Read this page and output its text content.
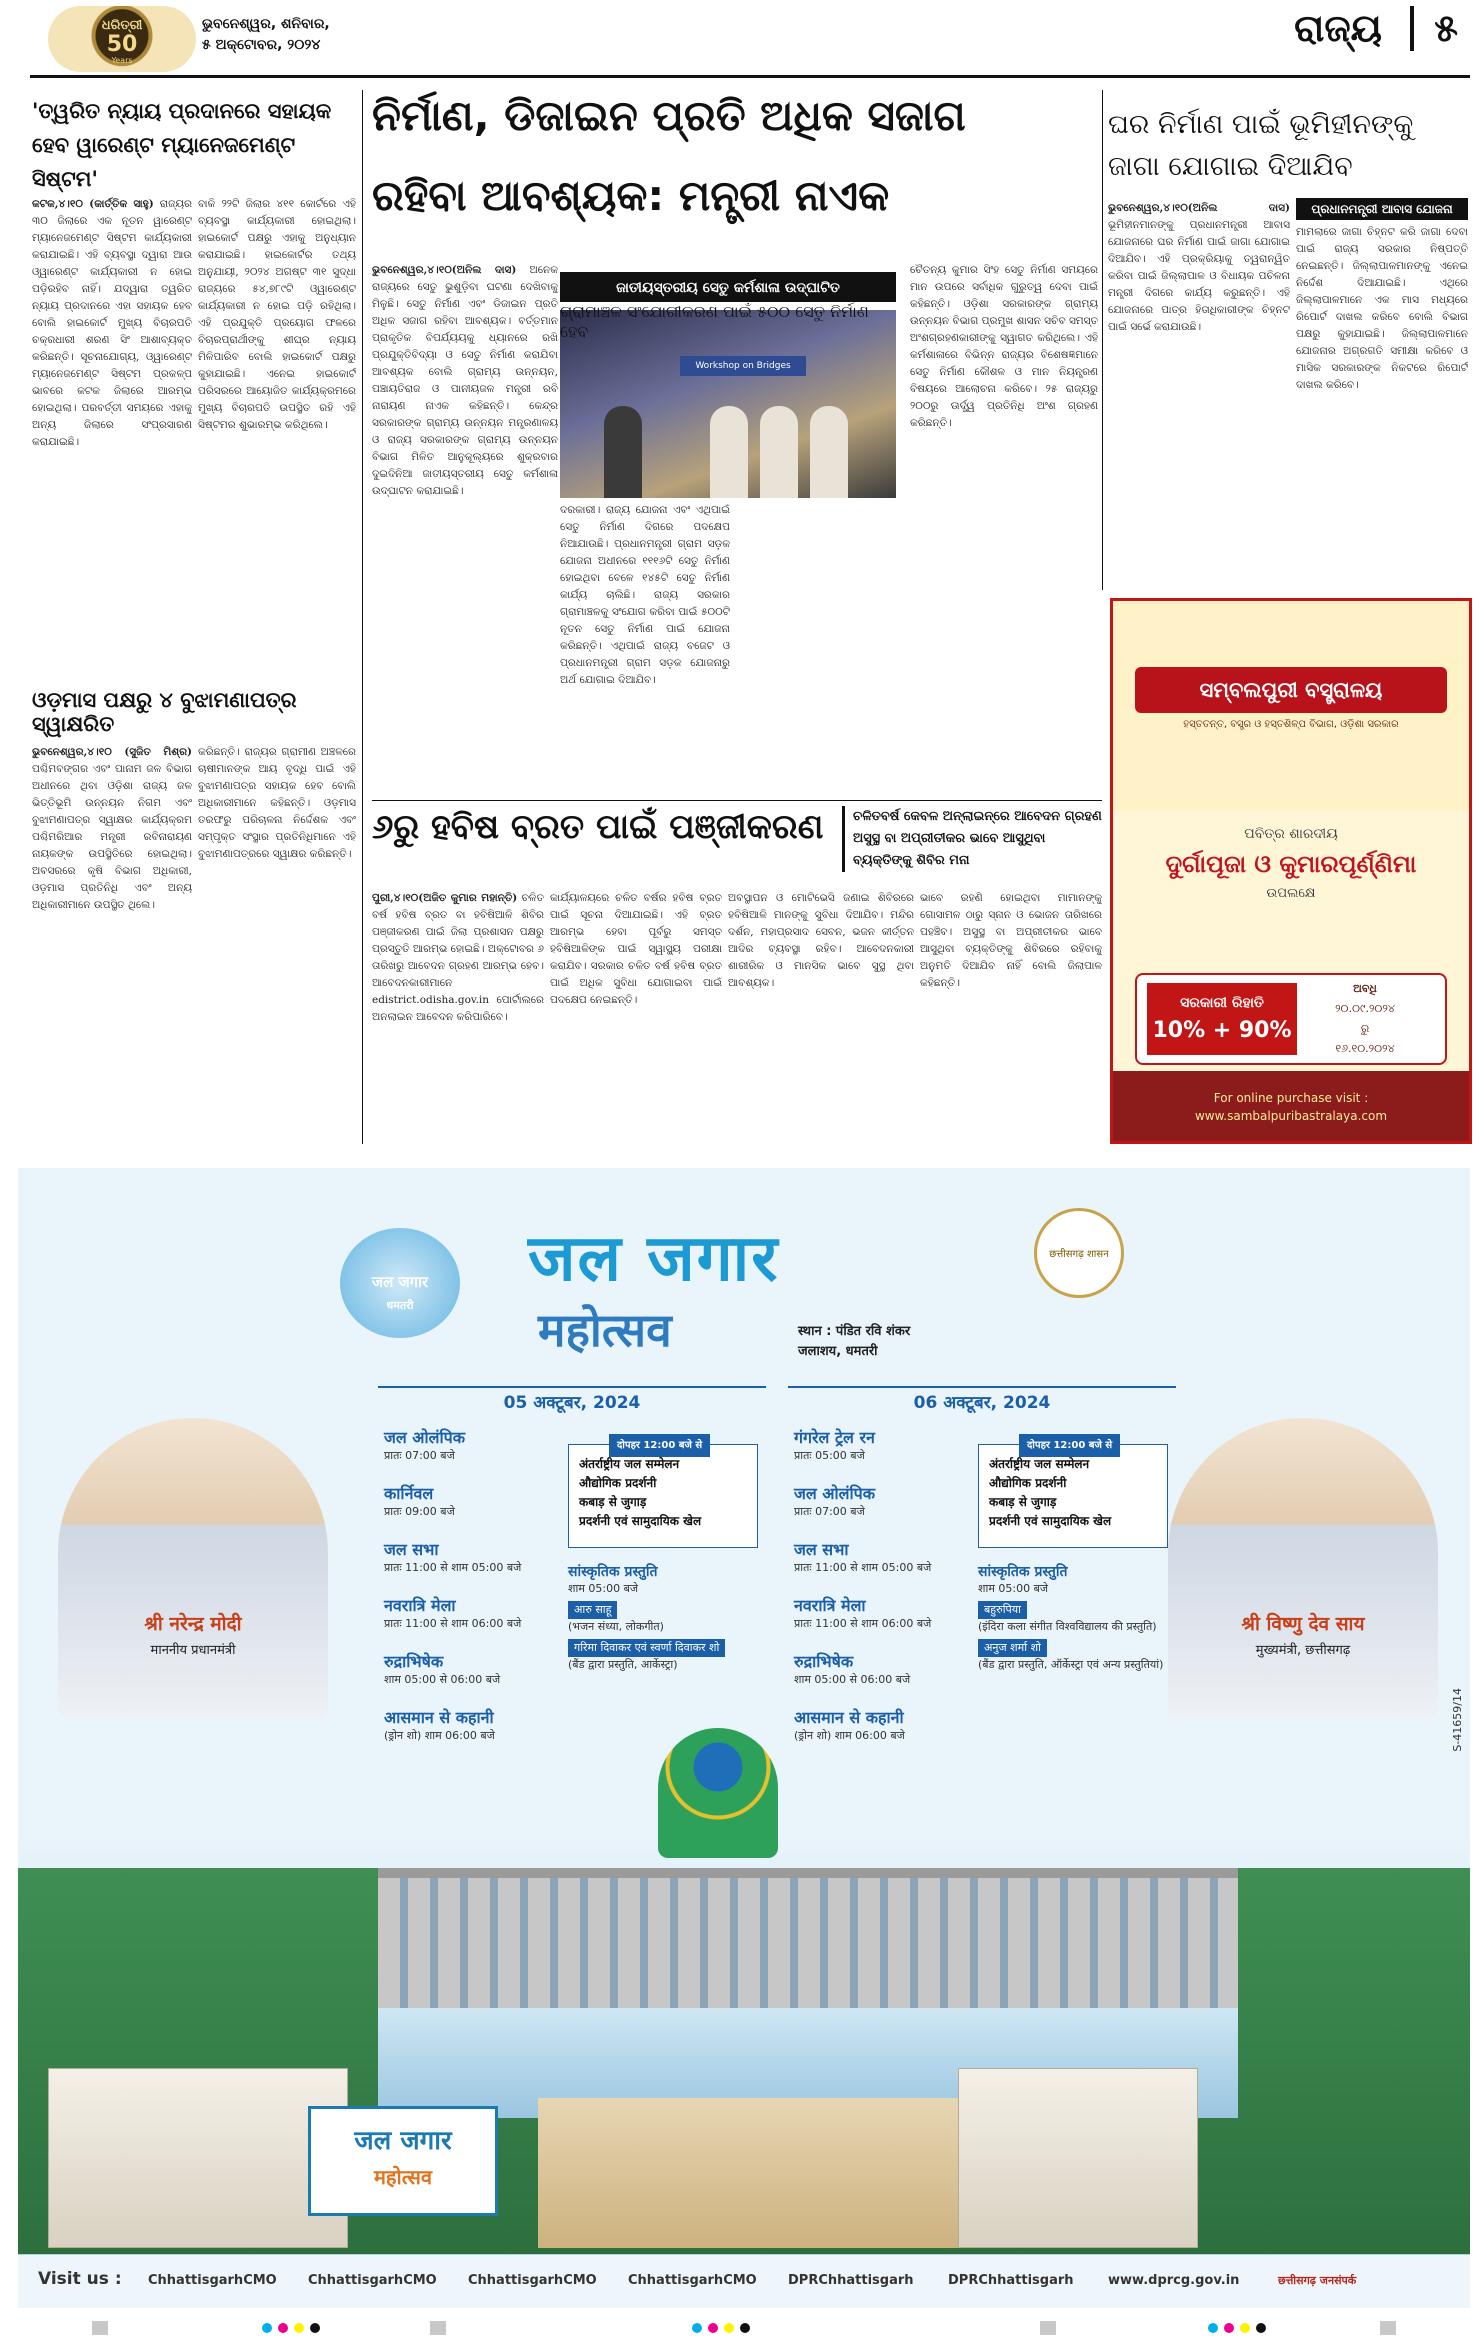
ଧରିତ୍ରୀ
50
Years
ଭୁବନେଶ୍ୱର, ଶନିବାର,
୫ ଅକ୍ଟୋବର, ୨୦୨୪	ରାଜ୍ୟ	୫
'ତ୍ୱରିତ ନ୍ୟାୟ ପ୍ରଦାନରେ ସହାୟକ ହେବ ୱାରେଣ୍ଟ ମ୍ୟାନେଜମେଣ୍ଟ ସିଷ୍ଟମ'
କଟକ,୪।୧୦ (କାର୍ତ୍ତିକ ସାହୁ) ରାଜ୍ୟର ୩୦ ଜିଲାରେ ଏକ ନୂତନ ୱାରେଣ୍ଟ ମ୍ୟାନେଜମେଣ୍ଟ ସିଷ୍ଟମ କାର୍ଯ୍ୟକାରୀ କରାଯାଇଛି। ଏହି ବ୍ୟବସ୍ଥା ଦ୍ୱାରା ଆଉ ଓ୍ୱାରେଣ୍ଟ କାର୍ଯ୍ୟକାରୀ ନ ହୋଇ ପଡ଼ିରହିବ ନାହିଁ। ଯଦ୍ୱାରା ତ୍ୱରିତ ନ୍ୟାୟ ପ୍ରଦାନରେ ଏହା ସହାୟକ ହେବ ବୋଲି ହାଇକୋର୍ଟ ମୁଖ୍ୟ ବିଚାରପତି ଚକ୍ରଧାରୀ ଶରଣ ସିଂ ଆଶାବ୍ୟକ୍ତ କରିଛନ୍ତି। ସୂଚନାଯୋଗ୍ୟ, ଓ୍ୱାରେଣ୍ଟ ମ୍ୟାନେଜମେଣ୍ଟ ସିଷ୍ଟମ ପ୍ରକଳ୍ପ ଭାବରେ କଟକ ଜିଲାରେ ଆରମ୍ଭ ହୋଇଥିଲା। ପରବର୍ତ୍ତୀ ସମୟରେ ଏହାକୁ ଅନ୍ୟ ଜିଲାରେ ସଂପ୍ରସାରଣ କରାଯାଇଛି।
ବାକି ୨୨ଟି ଜିଲାର ୪୧୧ କୋର୍ଟରେ ଏହି ବ୍ୟବସ୍ଥା କାର୍ଯ୍ୟକାରୀ ହୋଇଥିଲା। ହାଇକୋର୍ଟ ପକ୍ଷରୁ ଏହାକୁ ଅନୁଧ୍ୟାନ କରାଯାଇଛି। ହାଇକୋର୍ଟର ତଥ୍ୟ ଅନୁଯାୟୀ, ୨୦୨୪ ଅଗଷ୍ଟ ୩୧ ସୁଦ୍ଧା ରାଜ୍ୟରେ ୫୪,୭୮୯ଟି ଓ୍ୱାରେଣ୍ଟ କାର୍ଯ୍ୟକାରୀ ନ ହୋଇ ପଡ଼ି ରହିଥିଲା। ଏହି ପ୍ରଯୁକ୍ତି ପ୍ରୟୋଗ ଫଳରେ ବିଚାରପ୍ରାର୍ଥୀଙ୍କୁ ଶୀଘ୍ର ନ୍ୟାୟ ମିଳିପାରିବ ବୋଲି ହାଇକୋର୍ଟ ପକ୍ଷରୁ କୁହାଯାଇଛି। ଏନେଇ ହାଇକୋର୍ଟ ପରିସରରେ ଆୟୋଜିତ କାର୍ଯ୍ୟକ୍ରମରେ ମୁଖ୍ୟ ବିଚାରପତି ଉପସ୍ଥିତ ରହି ଏହି ସିଷ୍ଟମର ଶୁଭାରମ୍ଭ କରିଥିଲେ।
ଓଡ଼ମାସ ପକ୍ଷରୁ ୪ ବୁଝାମଣାପତ୍ର ସ୍ୱାକ୍ଷରିତ
ଭୁବନେଶ୍ୱର,୪।୧୦ (ସୁଜିତ ମିଶ୍ର) ପଶ୍ଚିମବଙ୍ଗର ଏବଂ ପାନାମ ଜଳ ବିଭାଗ ଅଧୀନରେ ଥିବା ଓଡ଼ିଶା ରାଜ୍ୟ ଜଳ ଭିତ୍ତିଭୂମି ଉନ୍ନୟନ ନିଗମ ଏବଂ ବୁଝାମଣାପତ୍ର ସ୍ୱାକ୍ଷର କାର୍ଯ୍ୟକ୍ରମ ପଶ୍ଚିମରିଆର ମନ୍ତ୍ରୀ ରବିନାରାୟଣ ନାୟକଙ୍କ ଉପସ୍ଥିତିରେ ହୋଇଥିଲା। ଅବସରରେ କୃଷି ବିଭାଗ ଅଧିକାରୀ, ଓଡ଼ମାସ ପ୍ରତିନିଧି ଏବଂ ଅନ୍ୟ ଅଧିକାରୀମାନେ ଉପସ୍ଥିତ ଥିଲେ।
କରିଛନ୍ତି। ରାଜ୍ୟର ଗ୍ରାମୀଣ ଅଞ୍ଚଳରେ ଚାଷୀମାନଙ୍କ ଆୟ ବୃଦ୍ଧି ପାଇଁ ଏହି ବୁଝାମଣାପତ୍ର ସହାୟକ ହେବ ବୋଲି ଅଧିକାରୀମାନେ କହିଛନ୍ତି। ଓଡ଼ମାସ ତରଫରୁ ପରିଚାଳନା ନିର୍ଦ୍ଦେଶକ ଏବଂ ସମ୍ପୃକ୍ତ ସଂସ୍ଥାର ପ୍ରତିନିଧିମାନେ ଏହି ବୁଝାମଣାପତ୍ରରେ ସ୍ୱାକ୍ଷର କରିଛନ୍ତି।
ନିର୍ମାଣ, ଡିଜାଇନ ପ୍ରତି ଅଧିକ ସଜାଗ
ରହିବା ଆବଶ୍ୟକ: ମନ୍ତ୍ରୀ ନାଏକ
ଭୁବନେଶ୍ୱର,୪।୧୦(ଅନିଲ ଦାସ) ଅନେକ ରାଜ୍ୟରେ ସେତୁ ଭୁଶୁଡ଼ିବା ଘଟଣା ଦେଖିବାକୁ ମିଳୁଛି। ସେତୁ ନିର୍ମାଣ ଏବଂ ଡିଜାଇନ ପ୍ରତି ଅଧିକ ସଜାଗ ରହିବା ଆବଶ୍ୟକ। ବର୍ତ୍ତମାନ ପ୍ରାକୃତିକ ବିପର୍ଯ୍ୟୟକୁ ଧ୍ୟାନରେ ରଖି ପ୍ରଯୁକ୍ତିବିଦ୍ୟା ଓ ସେତୁ ନିର୍ମାଣ କରାଯିବା ଆବଶ୍ୟକ ବୋଲି ଗ୍ରାମ୍ୟ ଉନ୍ନୟନ, ପଞ୍ଚାୟତିରାଜ ଓ ପାନୀୟଜଳ ମନ୍ତ୍ରୀ ରବି ନାରାୟଣ ନାଏକ କହିଛନ୍ତି। କେନ୍ଦ୍ର ସରକାରଙ୍କ ଗ୍ରାମ୍ୟ ଉନ୍ନୟନ ମନ୍ତ୍ରଣାଳୟ ଓ ରାଜ୍ୟ ସରକାରଙ୍କ ଗ୍ରାମ୍ୟ ଉନ୍ନୟନ ବିଭାଗ ମିଳିତ ଆନୁକୂଲ୍ୟରେ ଶୁକ୍ରବାର ଦୁଇଦିନିଆ ଜାତୀୟସ୍ତରୀୟ ସେତୁ କର୍ମଶାଳା ଉଦ୍‌ଘାଟନ କରାଯାଇଛି।
Workshop on Bridges
ଜାତୀୟସ୍ତରୀୟ ସେତୁ କର୍ମଶାଳା ଉଦ୍‌ଘାଟିତ
ଦରକାରୀ। ରାଜ୍ୟ ଯୋଜନା ଏବଂ ଏଥିପାଇଁ ସେତୁ ନିର୍ମାଣ ଦିଗରେ ପଦକ୍ଷେପ ନିଆଯାଉଛି। ପ୍ରଧାନମନ୍ତ୍ରୀ ଗ୍ରାମ ସଡ଼କ ଯୋଜନା ଅଧୀନରେ ୧୧୧୬ଟି ସେତୁ ନିର୍ମାଣ ହୋଇଥିବା ବେଳେ ୧୪୫ଟି ସେତୁ ନିର୍ମାଣ କାର୍ଯ୍ୟ ଚାଲିଛି। ରାଜ୍ୟ ସରକାର ଗ୍ରାମାଞ୍ଚଳକୁ ସଂଯୋଗ କରିବା ପାଇଁ ୫୦୦ଟି ନୂତନ ସେତୁ ନିର୍ମାଣ ପାଇଁ ଯୋଜନା କରିଛନ୍ତି। ଏଥିପାଇଁ ରାଜ୍ୟ ବଜେଟ ଓ ପ୍ରଧାନମନ୍ତ୍ରୀ ଗ୍ରାମ ସଡ଼କ ଯୋଜନାରୁ ଅର୍ଥ ଯୋଗାଇ ଦିଆଯିବ।
ଚୈତନ୍ୟ କୁମାର ସିଂହ ସେତୁ ନିର୍ମାଣ ସମୟରେ ମାନ ଉପରେ ସର୍ବାଧିକ ଗୁରୁତ୍ୱ ଦେବା ପାଇଁ କହିଛନ୍ତି। ଓଡ଼ିଶା ସରକାରଙ୍କ ଗ୍ରାମ୍ୟ ଉନ୍ନୟନ ବିଭାଗ ପ୍ରମୁଖ ଶାସନ ସଚିବ ସମସ୍ତ ଅଂଶଗ୍ରହଣକାରୀଙ୍କୁ ସ୍ୱାଗତ କରିଥିଲେ। ଏହି କର୍ମଶାଳାରେ ବିଭିନ୍ନ ରାଜ୍ୟର ବିଶେଷଜ୍ଞମାନେ ସେତୁ ନିର୍ମାଣ କୌଶଳ ଓ ମାନ ନିୟନ୍ତ୍ରଣ ବିଷୟରେ ଆଲୋଚନା କରିବେ। ୨୫ ରାଜ୍ୟରୁ ୨୦୦ରୁ ଊର୍ଦ୍ଧ୍ୱ ପ୍ରତିନିଧି ଅଂଶ ଗ୍ରହଣ କରିଛନ୍ତି।
ଘର ନିର୍ମାଣ ପାଇଁ ଭୂମିହୀନଙ୍କୁ ଜାଗା ଯୋଗାଇ ଦିଆଯିବ
ପ୍ରଧାନମନ୍ତ୍ରୀ ଆବାସ ଯୋଜନା
ଭୁବନେଶ୍ୱର,୪।୧୦(ଅନିଲ ଦାସ) ଭୂମିହୀନମାନଙ୍କୁ ପ୍ରଧାନମନ୍ତ୍ରୀ ଆବାସ ଯୋଜନାରେ ଘର ନିର୍ମାଣ ପାଇଁ ଜାଗା ଯୋଗାଇ ଦିଆଯିବ। ଏହି ପ୍ରକ୍ରିୟାକୁ ତ୍ୱରାନ୍ୱିତ କରିବା ପାଇଁ ଜିଲ୍ଲାପାଳ ଓ ବିଧାୟକ ପଚିଳନା ମନ୍ତ୍ରୀ ଦିଗରେ କାର୍ଯ୍ୟ କରୁଛନ୍ତି। ଏହି ଯୋଜନାରେ ପାତ୍ର ହିତାଧିକାରୀଙ୍କ ଚିହ୍ନଟ ପାଇଁ ସର୍ଭେ କରାଯାଉଛି।
ମାମଲାରେ ଜାଗା ଚିହ୍ନଟ କରି ଜାଗା ଦେବା ପାଇଁ ରାଜ୍ୟ ସରକାର ନିଷ୍ପତ୍ତି ନେଇଛନ୍ତି। ଜିଲ୍ଲାପାଳମାନଙ୍କୁ ଏନେଇ ନିର୍ଦ୍ଦେଶ ଦିଆଯାଇଛି। ଏଥିରେ ଜିଲ୍ଲାପାଳମାନେ ଏକ ମାସ ମଧ୍ୟରେ ରିପୋର୍ଟ ଦାଖଲ କରିବେ ବୋଲି ବିଭାଗ ପକ୍ଷରୁ କୁହାଯାଇଛି। ଜିଲ୍ଲାପାଳମାନେ ଯୋଜନାର ଅଗ୍ରଗତି ସମୀକ୍ଷା କରିବେ ଓ ମାସିକ ସରକାରଙ୍କ ନିକଟରେ ରିପୋର୍ଟ ଦାଖଲ କରିବେ।
ସମ୍ବଲପୁରୀ ବସ୍ତ୍ରାଳୟ
ହସ୍ତତନ୍ତ, ବସ୍ତ୍ର ଓ ହସ୍ତଶିଳ୍ପ ବିଭାଗ, ଓଡ଼ିଶା ସରକାର
ପବିତ୍ର ଶାରଦୀୟ
ଦୁର୍ଗାପୂଜା ଓ କୁମାରପୂର୍ଣ୍ଣିମା
ଉପଲକ୍ଷେ
ସରକାରୀ ରିହାତି
10% + 90%
ଅବଧି
୨୦.୦୯.୨୦୨୪
ରୁ
୧୬.୧୦.୨୦୨୪
For online purchase visit :
www.sambalpuribastralaya.com
୬ରୁ ହବିଷ ବ୍ରତ ପାଇଁ ପଞ୍ଜୀକରଣ	ଚଳିତବର୍ଷ କେବଳ ଅନ୍‌ଲାଇନ୍‌ରେ ଆବେଦନ ଗ୍ରହଣ
ଅସୁସ୍ଥ ବା ଅପ୍ରୀତୀକର ଭାବେ ଆସୁଥିବା ବ୍ୟକ୍ତିଙ୍କୁ ଶିବିର ମନା
ପୁରୀ,୪।୧୦(ଅଜିତ କୁମାର ମହାନ୍ତି) ଚଳିତ ବର୍ଷ ହବିଷ ବ୍ରତ ବା ହବିଷିଆଳି ଶିବିର ପଞ୍ଜୀକରଣ ପାଇଁ ଜିଲା ପ୍ରଶାସନ ପକ୍ଷରୁ ପ୍ରସ୍ତୁତି ଆରମ୍ଭ ହୋଇଛି। ଅକ୍ଟୋବର ୬ ତାରିଖରୁ ଆବେଦନ ଗ୍ରହଣ ଆରମ୍ଭ ହେବ। ଆବେଦନକାରୀମାନେ edistrict.odisha.gov.in ପୋର୍ଟାଲରେ ଅନଲାଇନ ଆବେଦନ କରିପାରିବେ।
କାର୍ଯ୍ୟାଳୟରେ ଚଳିତ ବର୍ଷର ହବିଷ ବ୍ରତ ପାଇଁ ସୂଚନା ଦିଆଯାଇଛି। ଏହି ବ୍ରତ ଆରମ୍ଭ ହେବା ପୂର୍ବରୁ ସମସ୍ତ ହବିଷିଆଳିଙ୍କ ପାଇଁ ସ୍ୱାସ୍ଥ୍ୟ ପରୀକ୍ଷା କରାଯିବ। ସରକାର ଚଳିତ ବର୍ଷ ହବିଷ ବ୍ରତ ପାଇଁ ଅଧିକ ସୁବିଧା ଯୋଗାଇବା ପାଇଁ ପଦକ୍ଷେପ ନେଇଛନ୍ତି।
ଅବସ୍ଥାପନ ଓ ମୋଟିଭେସି ଜଣାଇ ଶିବିରରେ ହବିଷିଆଳି ମାନଙ୍କୁ ସୁବିଧା ଦିଆଯିବ। ମନ୍ଦିର ଦର୍ଶନ, ମହାପ୍ରସାଦ ସେବନ, ଭଜନ କୀର୍ତ୍ତନ ଆଦିର ବ୍ୟବସ୍ଥା ରହିବ। ଆବେଦନକାରୀ ଶାରୀରିକ ଓ ମାନସିକ ଭାବେ ସୁସ୍ଥ ଥିବା ଆବଶ୍ୟକ।
ଭାବେ ରହଣି ହୋଇଥିବା ମାମାନଙ୍କୁ ଗୋସାମଳ ଠାରୁ ସ୍ନାନ ଓ ଭୋଜନ ତାରିଖରେ ପହଞ୍ଚିବ। ଅସୁସ୍ଥ ବା ଅପ୍ରୀତୀକର ଭାବେ ଆସୁଥିବା ବ୍ୟକ୍ତିଙ୍କୁ ଶିବିରରେ ରହିବାକୁ ଅନୁମତି ଦିଆଯିବ ନାହିଁ ବୋଲି ଜିଲାପାଳ କହିଛନ୍ତି।
जल जगार
धमतरी
जल जगार
महोत्सव	स्थान : पंडित रवि शंकर
जलाशय, धमतरी
छत्तीसगढ़ शासन
श्री नरेन्द्र मोदी
माननीय प्रधानमंत्री
श्री विष्णु देव साय
मुख्यमंत्री, छत्तीसगढ़
05 अक्टूबर, 2024
जल ओलंपिक
प्रातः 07:00 बजे
कार्निवल
प्रातः 09:00 बजे
जल सभा
प्रातः 11:00 से शाम 05:00 बजे
नवरात्रि मेला
प्रातः 11:00 से शाम 06:00 बजे
रुद्राभिषेक
शाम 05:00 से 06:00 बजे
आसमान से कहानी
(ड्रोन शो) शाम 06:00 बजे
दोपहर 12:00 बजे से
अंतर्राष्ट्रीय जल सम्मेलन
औद्योगिक प्रदर्शनी
कबाड़ से जुगाड़
प्रदर्शनी एवं सामुदायिक खेल
सांस्कृतिक प्रस्तुति
शाम 05:00 बजे
आरु साहू
(भजन संध्या, लोकगीत)
गरिमा दिवाकर एवं स्वर्णा दिवाकर शो
(बैंड द्वारा प्रस्तुति, आर्केस्ट्रा)
06 अक्टूबर, 2024
गंगरेल ट्रेल रन
प्रातः 05:00 बजे
जल ओलंपिक
प्रातः 07:00 बजे
जल सभा
प्रातः 11:00 से शाम 05:00 बजे
नवरात्रि मेला
प्रातः 11:00 से शाम 06:00 बजे
रुद्राभिषेक
शाम 05:00 से 06:00 बजे
आसमान से कहानी
(ड्रोन शो) शाम 06:00 बजे
दोपहर 12:00 बजे से
अंतर्राष्ट्रीय जल सम्मेलन
औद्योगिक प्रदर्शनी
कबाड़ से जुगाड़
प्रदर्शनी एवं सामुदायिक खेल
सांस्कृतिक प्रस्तुति
शाम 05:00 बजे
बहुरुपिया
(इंदिरा कला संगीत विश्वविद्यालय की प्रस्तुति)
अनुज शर्मा शो
(बैंड द्वारा प्रस्तुति, ऑर्केस्ट्रा एवं अन्य प्रस्तुतियां)
जल जगार
महोत्सव
S-41659/14
Visit us : ChhattisgarhCMO ChhattisgarhCMO ChhattisgarhCMO ChhattisgarhCMO DPRChhattisgarh	DPRChhattisgarh	www.dprcg.gov.in	छत्तीसगढ़ जनसंपर्क
